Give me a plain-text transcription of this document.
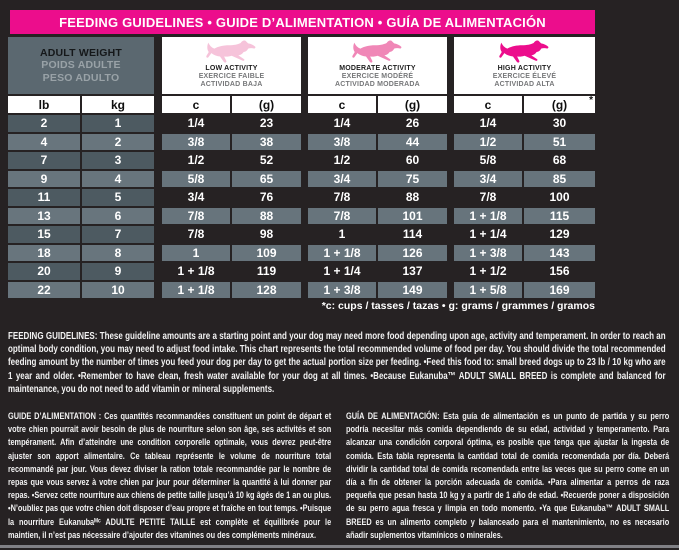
FEEDING GUIDELINES • GUIDE D’ALIMENTATION • GUÍA DE ALIMENTACIÓN
ADULT WEIGHT
POIDS ADULTE
PESO ADULTO
LOW ACTIVITY
EXERCICE FAIBLE
ACTIVIDAD BAJA
MODERATE ACTIVITY
EXERCICE MODÉRÉ
ACTIVIDAD MODERADA
HIGH ACTIVITY
EXERCICE ÉLEVÉ
ACTIVIDAD ALTA
lb	kg	c	(g)	c	(g)	c	(g) *
2	1	1/4	23	1/4	26	1/4	30
4	2	3/8	38	3/8	44	1/2	51
7	3	1/2	52	1/2	60	5/8	68
9	4	5/8	65	3/4	75	3/4	85
11	5	3/4	76	7/8	88	7/8	100
13	6	7/8	88	7/8	101	1 + 1/8	115
15	7	7/8	98	1	114	1 + 1/4	129
18	8	1	109	1 + 1/8	126	1 + 3/8	143
20	9	1 + 1/8	119	1 + 1/4	137	1 + 1/2	156
22	10	1 + 1/8	128	1 + 3/8	149	1 + 5/8	169
*c: cups / tasses / tazas • g: grams / grammes / gramos
FEEDING GUIDELINES: These guideline amounts are a starting point and your dog may need more food depending upon age, activity and temperament. In order to reach an optimal body condition, you may need to adjust food intake. This chart represents the total recommended volume of food per day. You should divide the total recommended feeding amount by the number of times you feed your dog per day to get the actual portion size per feeding. •Feed this food to: small breed dogs up to 23 lb / 10 kg who are 1 year and older. •Remember to have clean, fresh water available for your dog at all times. •Because Eukanuba™ ADULT SMALL BREED is complete and balanced for maintenance, you do not need to add vitamin or mineral supplements.
GUIDE D’ALIMENTATION : Ces quantités recommandées constituent un point de départ et votre chien pourrait avoir besoin de plus de nourriture selon son âge, ses activités et son tempérament. Afin d’atteindre une condition corporelle optimale, vous devrez peut-être ajuster son apport alimentaire. Ce tableau représente le volume de nourriture total recommandé par jour. Vous devez diviser la ration totale recommandée par le nombre de repas que vous servez à votre chien par jour pour déterminer la quantité à lui donner par repas. •Servez cette nourriture aux chiens de petite taille jusqu’à 10 kg âgés de 1 an ou plus. •N’oubliez pas que votre chien doit disposer d’eau propre et fraîche en tout temps. •Puisque la nourriture Eukanubaᴹᶜ ADULTE PETITE TAILLE est complète et équilibrée pour le maintien, il n’est pas nécessaire d’ajouter des vitamines ou des compléments minéraux.
GUÍA DE ALIMENTACIÓN: Esta guía de alimentación es un punto de partida y su perro podría necesitar más comida dependiendo de su edad, actividad y temperamento. Para alcanzar una condición corporal óptima, es posible que tenga que ajustar la ingesta de comida. Esta tabla representa la cantidad total de comida recomendada por día. Deberá dividir la cantidad total de comida recomendada entre las veces que su perro come en un día a fin de obtener la porción adecuada de comida. •Para alimentar a perros de raza pequeña que pesan hasta 10 kg y a partir de 1 año de edad. •Recuerde poner a disposición de su perro agua fresca y limpia en todo momento. •Ya que Eukanuba™ ADULT SMALL BREED es un alimento completo y balanceado para el mantenimiento, no es necesario añadir suplementos vitamínicos o minerales.
